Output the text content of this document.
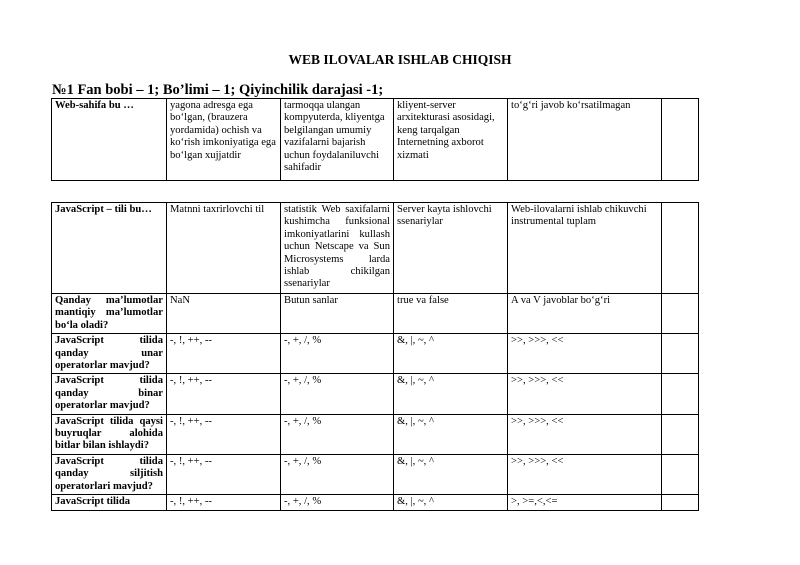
WEB ILOVALAR ISHLAB CHIQISH
№1 Fan bobi – 1; Bo’limi – 1; Qiyinchilik darajasi -1;
Web-sahifa bu …	yagona adresga ega bo‘lgan, (brauzera yordamida) ochish va ko‘rish imkoniyatiga ega bo‘lgan xujjatdir	tarmoqqa ulangan kompyuterda, kliyentga belgilangan umumiy vazifalarni bajarish uchun foydalaniluvchi sahifadir	kliyent-server arxitekturasi asosidagi, keng tarqalgan Internetning axborot xizmati	to‘g‘ri javob ko‘rsatilmagan	
JavaScript – tili bu…	Matnni taxrirlovchi til	statistik Web saxifalarni kushimcha funksional imkoniyatlarini kullash uchun Netscape va Sun Microsystems larda ishlab chikilgan ssenariylar	Server kayta ishlovchi ssenariylar	Web-ilovalarni ishlab chikuvchi instrumental tuplam	
Qanday ma’lumotlar mantiqiy ma’lumotlar bo‘la oladi?	NaN	Butun sanlar	true va false	A va V javoblar bo‘g‘ri	
JavaScript tilida qanday unar operatorlar mavjud?	-, !, ++, --	-, +, /, %	&, |, ~, ^	>>, >>>, <<	
JavaScript tilida qanday binar operatorlar mavjud?	-, !, ++, --	-, +, /, %	&, |, ~, ^	>>, >>>, <<	
JavaScript tilida qaysi buyruqlar alohida bitlar bilan ishlaydi?	-, !, ++, --	-, +, /, %	&, |, ~, ^	>>, >>>, <<	
JavaScript tilida qanday siljitish operatorlari mavjud?	-, !, ++, --	-, +, /, %	&, |, ~, ^	>>, >>>, <<	
JavaScript tilida	-, !, ++, --	-, +, /, %	&, |, ~, ^	>, >=,<,<=	
